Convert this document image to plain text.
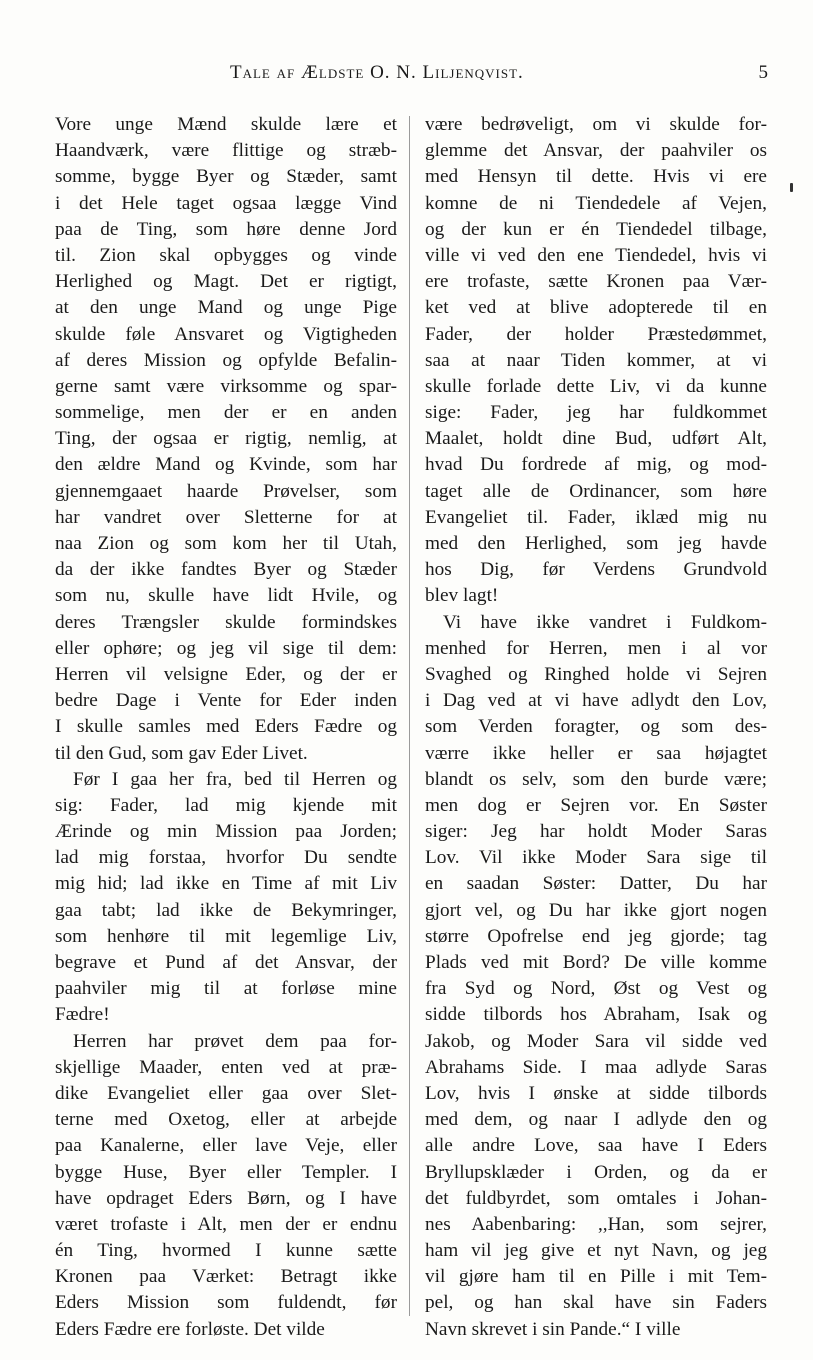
Tale af Ældste O. N. Liljenqvist.	5
Vore unge Mænd skulde lære et
Haandværk, være flittige og stræb-
somme, bygge Byer og Stæder, samt
i det Hele taget ogsaa lægge Vind
paa de Ting, som høre denne Jord
til. Zion skal opbygges og vinde
Herlighed og Magt. Det er rigtigt,
at den unge Mand og unge Pige
skulde føle Ansvaret og Vigtigheden
af deres Mission og opfylde Befalin-
gerne samt være virksomme og spar-
sommelige, men der er en anden
Ting, der ogsaa er rigtig, nemlig, at
den ældre Mand og Kvinde, som har
gjennemgaaet haarde Prøvelser, som
har vandret over Sletterne for at
naa Zion og som kom her til Utah,
da der ikke fandtes Byer og Stæder
som nu, skulle have lidt Hvile, og
deres Trængsler skulde formindskes
eller ophøre; og jeg vil sige til dem:
Herren vil velsigne Eder, og der er
bedre Dage i Vente for Eder inden
I skulle samles med Eders Fædre og
til den Gud, som gav Eder Livet.
Før I gaa her fra, bed til Herren og
sig: Fader, lad mig kjende mit
Ærinde og min Mission paa Jorden;
lad mig forstaa, hvorfor Du sendte
mig hid; lad ikke en Time af mit Liv
gaa tabt; lad ikke de Bekymringer,
som henhøre til mit legemlige Liv,
begrave et Pund af det Ansvar, der
paahviler mig til at forløse mine
Fædre!
Herren har prøvet dem paa for-
skjellige Maader, enten ved at præ-
dike Evangeliet eller gaa over Slet-
terne med Oxetog, eller at arbejde
paa Kanalerne, eller lave Veje, eller
bygge Huse, Byer eller Templer. I
have opdraget Eders Børn, og I have
været trofaste i Alt, men der er endnu
én Ting, hvormed I kunne sætte
Kronen paa Værket: Betragt ikke
Eders Mission som fuldendt, før
Eders Fædre ere forløste. Det vilde
være bedrøveligt, om vi skulde for-
glemme det Ansvar, der paahviler os
med Hensyn til dette. Hvis vi ere
komne de ni Tiendedele af Vejen,
og der kun er én Tiendedel tilbage,
ville vi ved den ene Tiendedel, hvis vi
ere trofaste, sætte Kronen paa Vær-
ket ved at blive adopterede til en
Fader, der holder Præstedømmet,
saa at naar Tiden kommer, at vi
skulle forlade dette Liv, vi da kunne
sige: Fader, jeg har fuldkommet
Maalet, holdt dine Bud, udført Alt,
hvad Du fordrede af mig, og mod-
taget alle de Ordinancer, som høre
Evangeliet til. Fader, iklæd mig nu
med den Herlighed, som jeg havde
hos Dig, før Verdens Grundvold
blev lagt!
Vi have ikke vandret i Fuldkom-
menhed for Herren, men i al vor
Svaghed og Ringhed holde vi Sejren
i Dag ved at vi have adlydt den Lov,
som Verden foragter, og som des-
værre ikke heller er saa højagtet
blandt os selv, som den burde være;
men dog er Sejren vor. En Søster
siger: Jeg har holdt Moder Saras
Lov. Vil ikke Moder Sara sige til
en saadan Søster: Datter, Du har
gjort vel, og Du har ikke gjort nogen
større Opofrelse end jeg gjorde; tag
Plads ved mit Bord? De ville komme
fra Syd og Nord, Øst og Vest og
sidde tilbords hos Abraham, Isak og
Jakob, og Moder Sara vil sidde ved
Abrahams Side. I maa adlyde Saras
Lov, hvis I ønske at sidde tilbords
med dem, og naar I adlyde den og
alle andre Love, saa have I Eders
Bryllupsklæder i Orden, og da er
det fuldbyrdet, som omtales i Johan-
nes Aabenbaring: ,,Han, som sejrer,
ham vil jeg give et nyt Navn, og jeg
vil gjøre ham til en Pille i mit Tem-
pel, og han skal have sin Faders
Navn skrevet i sin Pande.“ I ville
